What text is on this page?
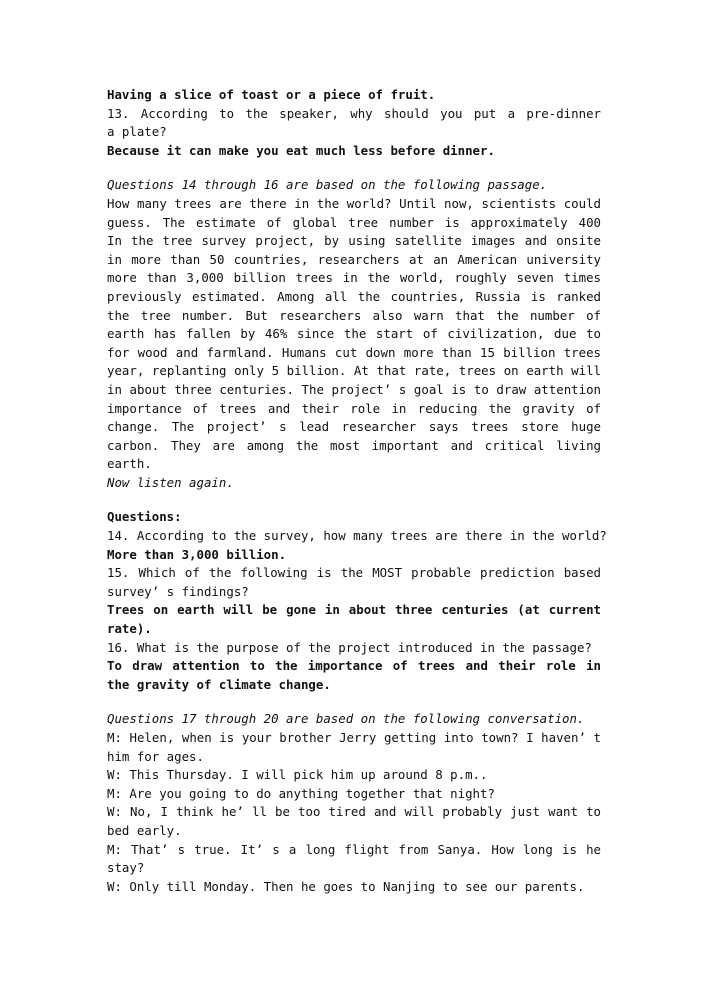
Having a slice of toast or a piece of fruit.
13. According to the speaker, why should you put a pre-dinner
a plate?
Because it can make you eat much less before dinner.
Questions 14 through 16 are based on the following passage.
How many trees are there in the world? Until now, scientists could
guess. The estimate of global tree number is approximately 400
In the tree survey project, by using satellite images and onsite
in more than 50 countries, researchers at an American university
more than 3,000 billion trees in the world, roughly seven times
previously estimated. Among all the countries, Russia is ranked
the tree number. But researchers also warn that the number of
earth has fallen by 46% since the start of civilization, due to
for wood and farmland. Humans cut down more than 15 billion trees
year, replanting only 5 billion. At that rate, trees on earth will
in about three centuries. The project’ s goal is to draw attention
importance of trees and their role in reducing the gravity of
change. The project’ s lead researcher says trees store huge
carbon. They are among the most important and critical living
earth.
Now listen again.
Questions:
14. According to the survey, how many trees are there in the world?
More than 3,000 billion.
15. Which of the following is the MOST probable prediction based
survey’ s findings?
Trees on earth will be gone in about three centuries (at current
rate).
16. What is the purpose of the project introduced in the passage?
To draw attention to the importance of trees and their role in
the gravity of climate change.
Questions 17 through 20 are based on the following conversation.
M: Helen, when is your brother Jerry getting into town? I haven’ t
him for ages.
W: This Thursday. I will pick him up around 8 p.m..
M: Are you going to do anything together that night?
W: No, I think he’ ll be too tired and will probably just want to
bed early.
M: That’ s true. It’ s a long flight from Sanya. How long is he
stay?
W: Only till Monday. Then he goes to Nanjing to see our parents.
